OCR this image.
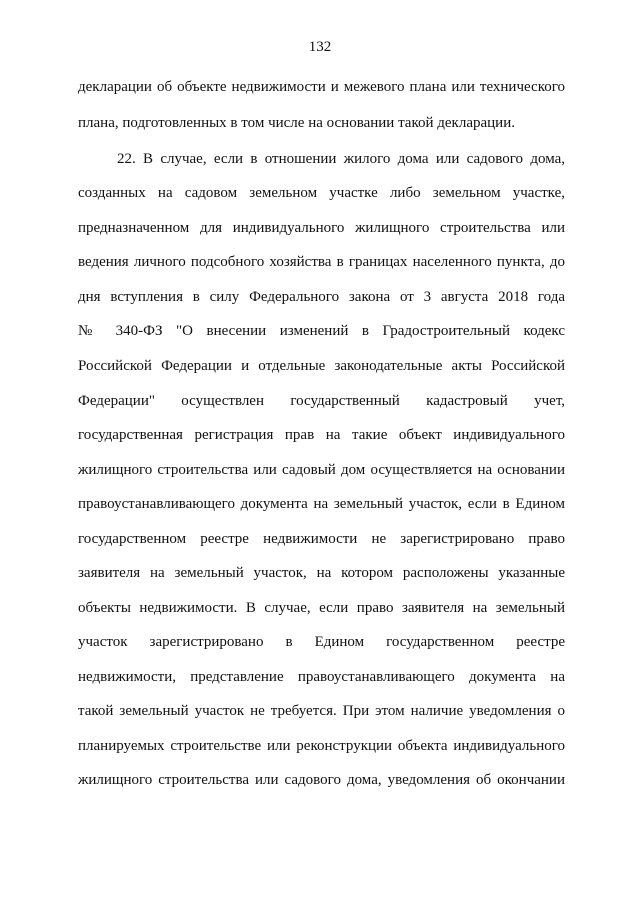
132
декларации об объекте недвижимости и межевого плана или технического
плана, подготовленных в том числе на основании такой декларации.
22. В случае, если в отношении жилого дома или садового дома,
созданных на садовом земельном участке либо земельном участке,
предназначенном для индивидуального жилищного строительства или
ведения личного подсобного хозяйства в границах населенного пункта, до
дня вступления в силу Федерального закона от 3 августа 2018 года
№ 340-ФЗ "О внесении изменений в Градостроительный кодекс
Российской Федерации и отдельные законодательные акты Российской
Федерации" осуществлен государственный кадастровый учет,
государственная регистрация прав на такие объект индивидуального
жилищного строительства или садовый дом осуществляется на основании
правоустанавливающего документа на земельный участок, если в Едином
государственном реестре недвижимости не зарегистрировано право
заявителя на земельный участок, на котором расположены указанные
объекты недвижимости. В случае, если право заявителя на земельный
участок зарегистрировано в Едином государственном реестре
недвижимости, представление правоустанавливающего документа на
такой земельный участок не требуется. При этом наличие уведомления о
планируемых строительстве или реконструкции объекта индивидуального
жилищного строительства или садового дома, уведомления об окончании
